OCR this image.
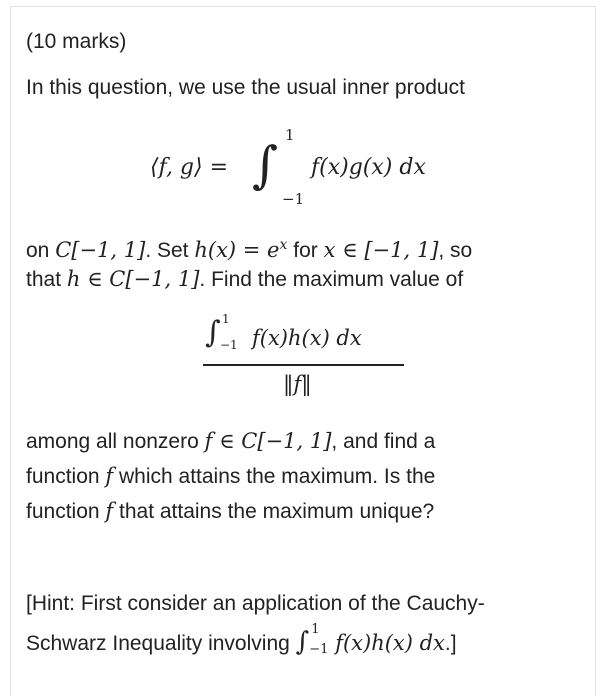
(10 marks)
In this question, we use the usual inner product
⟨f, g⟩ = ∫
1
−1
f(x)g(x) dx
on C[−1, 1]. Set $h(x) = e^x$ for x ∈ [−1, 1], so
that h ∈ C[−1, 1]. Find the maximum value of
∫ 1
−1 f(x)h(x) dx
‖f‖
among all nonzero f ∈ C[−1, 1], and find a
function f which attains the maximum. Is the
function f that attains the maximum unique?
[Hint: First consider an application of the Cauchy-
Schwarz Inequality involving ∫ 1
−1 f(x)h(x) dx.]
